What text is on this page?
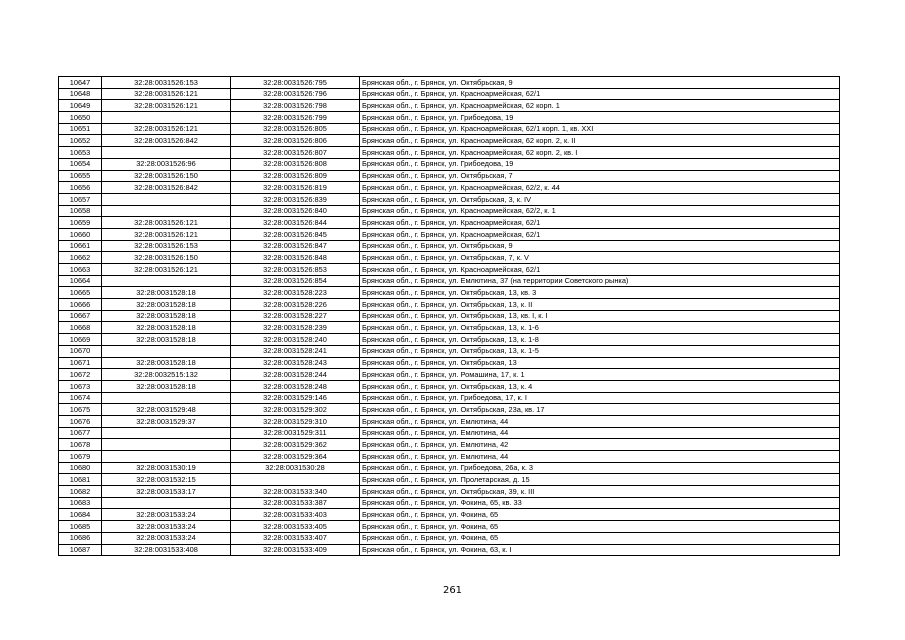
10647	32:28:0031526:153	32:28:0031526:795	Брянская обл., г. Брянск, ул. Октябрьская, 9
10648	32:28:0031526:121	32:28:0031526:796	Брянская обл., г. Брянск, ул. Красноармейская, 62/1
10649	32:28:0031526:121	32:28:0031526:798	Брянская обл., г. Брянск, ул. Красноармейская, 62 корп. 1
10650		32:28:0031526:799	Брянская обл., г. Брянск, ул. Грибоедова, 19
10651	32:28:0031526:121	32:28:0031526:805	Брянская обл., г. Брянск, ул. Красноармейская, 62/1 корп. 1, кв. XXI
10652	32:28:0031526:842	32:28:0031526:806	Брянская обл., г. Брянск, ул. Красноармейская, 62 корп. 2, к. II
10653		32:28:0031526:807	Брянская обл., г. Брянск, ул. Красноармейская, 62 корп. 2, кв. I
10654	32:28:0031526:96	32:28:0031526:808	Брянская обл., г. Брянск, ул. Грибоедова, 19
10655	32:28:0031526:150	32:28:0031526:809	Брянская обл., г. Брянск, ул. Октябрьская, 7
10656	32:28:0031526:842	32:28:0031526:819	Брянская обл., г. Брянск, ул. Красноармейская, 62/2, к. 44
10657		32:28:0031526:839	Брянская обл., г. Брянск, ул. Октябрьская, 3, к. IV
10658		32:28:0031526:840	Брянская обл., г. Брянск, ул. Красноармейская, 62/2, к. 1
10659	32:28:0031526:121	32:28:0031526:844	Брянская обл., г. Брянск, ул. Красноармейская, 62/1
10660	32:28:0031526:121	32:28:0031526:845	Брянская обл., г. Брянск, ул. Красноармейская, 62/1
10661	32:28:0031526:153	32:28:0031526:847	Брянская обл., г. Брянск, ул. Октябрьская, 9
10662	32:28:0031526:150	32:28:0031526:848	Брянская обл., г. Брянск, ул. Октябрьская, 7, к. V
10663	32:28:0031526:121	32:28:0031526:853	Брянская обл., г. Брянск, ул. Красноармейская, 62/1
10664		32:28:0031526:854	Брянская обл., г. Брянск, ул. Емлютина, 37 (на территории Советского рынка)
10665	32:28:0031528:18	32:28:0031528:223	Брянская обл., г. Брянск, ул. Октябрьская, 13, кв. 3
10666	32:28:0031528:18	32:28:0031528:226	Брянская обл., г. Брянск, ул. Октябрьская, 13, к. II
10667	32:28:0031528:18	32:28:0031528:227	Брянская обл., г. Брянск, ул. Октябрьская, 13, кв. I, к. I
10668	32:28:0031528:18	32:28:0031528:239	Брянская обл., г. Брянск, ул. Октябрьская, 13, к. 1-6
10669	32:28:0031528:18	32:28:0031528:240	Брянская обл., г. Брянск, ул. Октябрьская, 13, к. 1-8
10670		32:28:0031528:241	Брянская обл., г. Брянск, ул. Октябрьская, 13, к. 1-5
10671	32:28:0031528:18	32:28:0031528:243	Брянская обл., г. Брянск, ул. Октябрьская, 13
10672	32:28:0032515:132	32:28:0031528:244	Брянская обл., г. Брянск, ул. Ромашина, 17, к. 1
10673	32:28:0031528:18	32:28:0031528:248	Брянская обл., г. Брянск, ул. Октябрьская, 13, к. 4
10674		32:28:0031529:146	Брянская обл., г. Брянск, ул. Грибоедова, 17, к. I
10675	32:28:0031529:48	32:28:0031529:302	Брянская обл., г. Брянск, ул. Октябрьская, 23а, кв. 17
10676	32:28:0031529:37	32:28:0031529:310	Брянская обл., г. Брянск, ул. Емлютина, 44
10677		32:28:0031529:311	Брянская обл., г. Брянск, ул. Емлютина, 44
10678		32:28:0031529:362	Брянская обл., г. Брянск, ул. Емлютина, 42
10679		32:28:0031529:364	Брянская обл., г. Брянск, ул. Емлютина, 44
10680	32:28:0031530:19	32:28:0031530:28	Брянская обл., г. Брянск, ул. Грибоедова, 26а, к. 3
10681	32:28:0031532:15		Брянская обл., г. Брянск, ул. Пролетарская, д. 15
10682	32:28:0031533:17	32:28:0031533:340	Брянская обл., г. Брянск, ул. Октябрьская, 39, к. III
10683		32:28:0031533:387	Брянская обл., г. Брянск, ул. Фокина, 65, кв. 33
10684	32:28:0031533:24	32:28:0031533:403	Брянская обл., г. Брянск, ул. Фокина, 65
10685	32:28:0031533:24	32:28:0031533:405	Брянская обл., г. Брянск, ул. Фокина, 65
10686	32:28:0031533:24	32:28:0031533:407	Брянская обл., г. Брянск, ул. Фокина, 65
10687	32:28:0031533:408	32:28:0031533:409	Брянская обл., г. Брянск, ул. Фокина, 63, к. I
261
